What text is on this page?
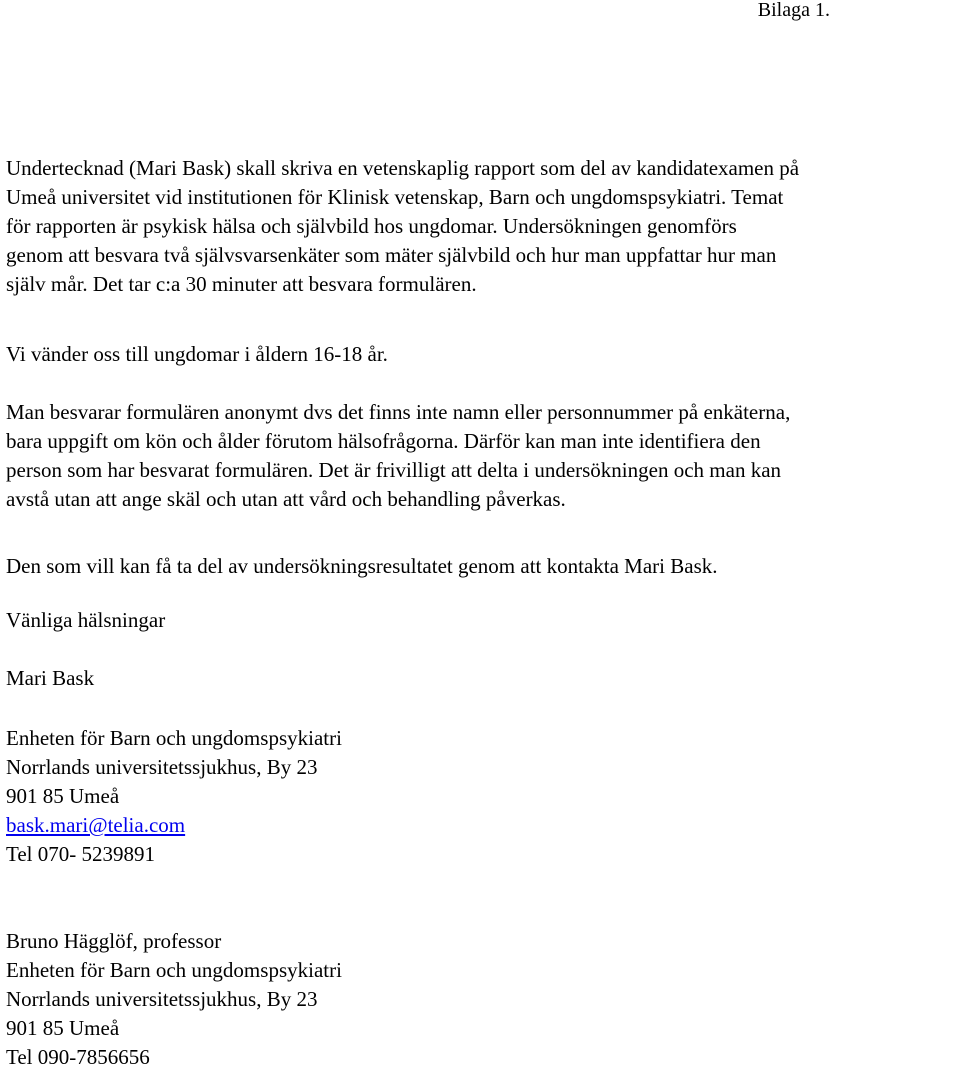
Bilaga 1.
Undertecknad (Mari Bask) skall skriva en vetenskaplig rapport som del av kandidatexamen på
Umeå universitet vid institutionen för Klinisk vetenskap, Barn och ungdomspsykiatri. Temat
för rapporten är psykisk hälsa och självbild hos ungdomar. Undersökningen genomförs
genom att besvara två självsvarsenkäter som mäter självbild och hur man uppfattar hur man
själv mår. Det tar c:a 30 minuter att besvara formulären.
Vi vänder oss till ungdomar i åldern 16-18 år.
Man besvarar formulären anonymt dvs det finns inte namn eller personnummer på enkäterna,
bara uppgift om kön och ålder förutom hälsofrågorna. Därför kan man inte identifiera den
person som har besvarat formulären. Det är frivilligt att delta i undersökningen och man kan
avstå utan att ange skäl och utan att vård och behandling påverkas.
Den som vill kan få ta del av undersökningsresultatet genom att kontakta Mari Bask.
Vänliga hälsningar
Mari Bask
Enheten för Barn och ungdomspsykiatri
Norrlands universitetssjukhus, By 23
901 85 Umeå
bask.mari@telia.com
Tel 070- 5239891
Bruno Hägglöf, professor
Enheten för Barn och ungdomspsykiatri
Norrlands universitetssjukhus, By 23
901 85 Umeå
Tel 090-7856656
